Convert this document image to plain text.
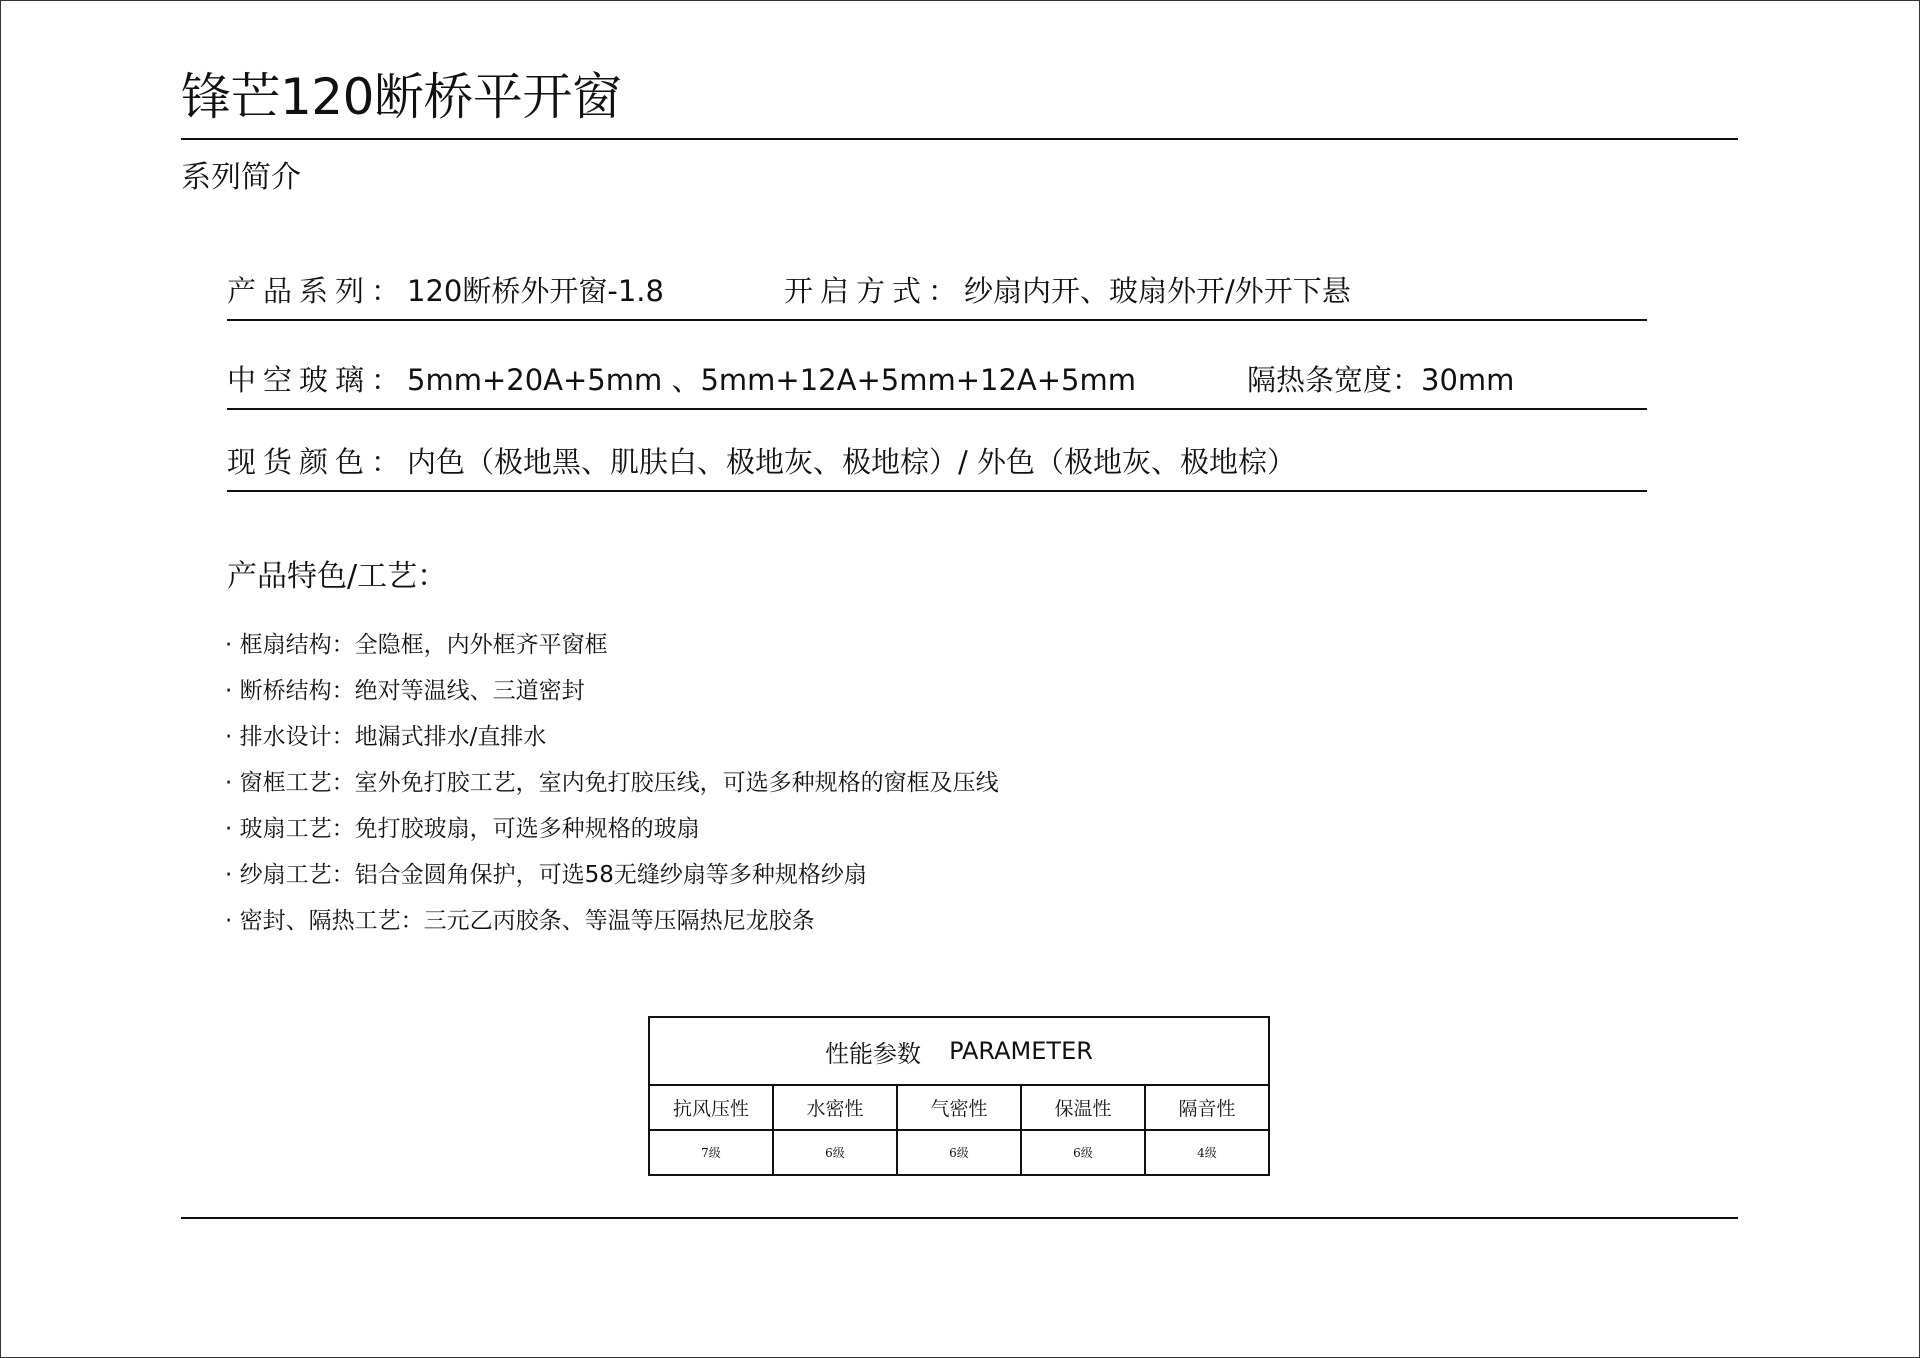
锋芒120断桥平开窗
系列简介
产品系列：120断桥外开窗-1.8	开启方式：纱扇内开、玻扇外开/外开下悬
中空玻璃：5mm+20A+5mm 、5mm+12A+5mm+12A+5mm	隔热条宽度：30mm
现货颜色：内色（极地黑、肌肤白、极地灰、极地棕）/ 外色（极地灰、极地棕）
产品特色/工艺：
· 框扇结构：全隐框，内外框齐平窗框
· 断桥结构：绝对等温线、三道密封
· 排水设计：地漏式排水/直排水
· 窗框工艺：室外免打胶工艺，室内免打胶压线，可选多种规格的窗框及压线
· 玻扇工艺：免打胶玻扇，可选多种规格的玻扇
· 纱扇工艺：铝合金圆角保护，可选58无缝纱扇等多种规格纱扇
· 密封、隔热工艺：三元乙丙胶条、等温等压隔热尼龙胶条
性能参数 PARAMETER
抗风压性	水密性	气密性	保温性	隔音性
7级	6级	6级	6级	4级
